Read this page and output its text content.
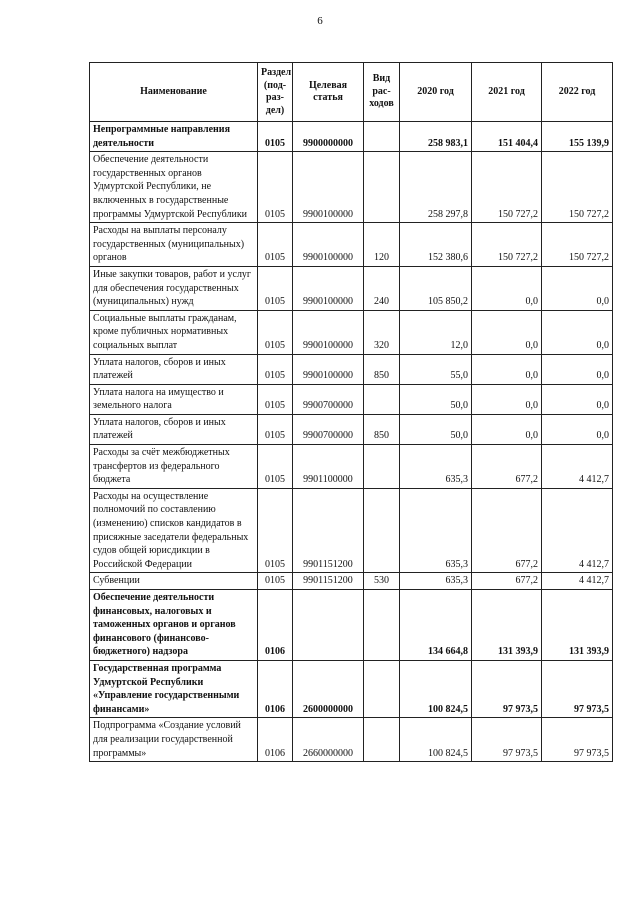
6
Наименование	Раздел (под-раз-дел)	Целевая статья	Вид рас-ходов	2020 год	2021 год	2022 год
Непрограммные направления деятельности	0105	9900000000		258 983,1	151 404,4	155 139,9
Обеспечение деятельности государственных органов Удмуртской Республики, не включенных в государственные программы Удмуртской Республики	0105	9900100000		258 297,8	150 727,2	150 727,2
Расходы на выплаты персоналу государственных (муниципальных) органов	0105	9900100000	120	152 380,6	150 727,2	150 727,2
Иные закупки товаров, работ и услуг для обеспечения государственных (муниципальных) нужд	0105	9900100000	240	105 850,2	0,0	0,0
Социальные выплаты гражданам, кроме публичных нормативных социальных выплат	0105	9900100000	320	12,0	0,0	0,0
Уплата налогов, сборов и иных платежей	0105	9900100000	850	55,0	0,0	0,0
Уплата налога на имущество и земельного налога	0105	9900700000		50,0	0,0	0,0
Уплата налогов, сборов и иных платежей	0105	9900700000	850	50,0	0,0	0,0
Расходы за счёт межбюджетных трансфертов из федерального бюджета	0105	9901100000		635,3	677,2	4 412,7
Расходы на осуществление полномочий по составлению (изменению) списков кандидатов в присяжные заседатели федеральных судов общей юрисдикции в Российской Федерации	0105	9901151200		635,3	677,2	4 412,7
Субвенции	0105	9901151200	530	635,3	677,2	4 412,7
Обеспечение деятельности финансовых, налоговых и таможенных органов и органов финансового (финансово-бюджетного) надзора	0106			134 664,8	131 393,9	131 393,9
Государственная программа Удмуртской Республики «Управление государственными финансами»	0106	2600000000		100 824,5	97 973,5	97 973,5
Подпрограмма «Создание условий для реализации государственной программы»	0106	2660000000		100 824,5	97 973,5	97 973,5
